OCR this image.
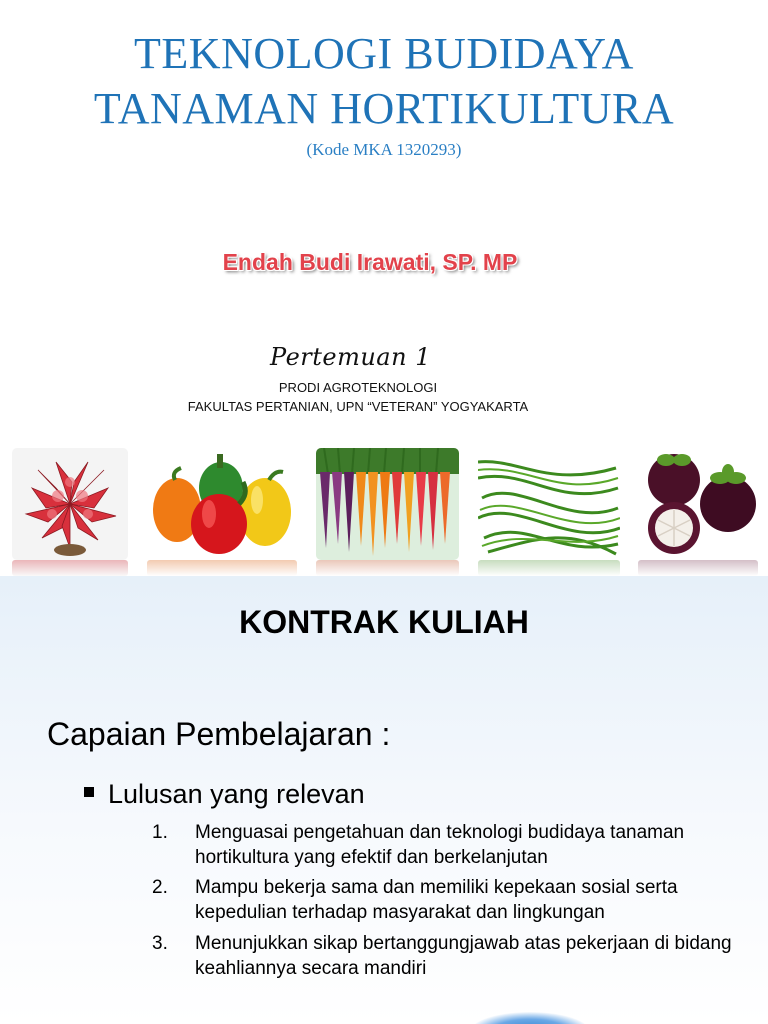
TEKNOLOGI BUDIDAYA
TANAMAN HORTIKULTURA
(Kode MKA 1320293)
Endah Budi Irawati, SP. MP
Pertemuan 1
PRODI AGROTEKNOLOGI
FAKULTAS PERTANIAN, UPN “VETERAN” YOGYAKARTA
KONTRAK KULIAH
Capaian Pembelajaran :
Lulusan yang relevan
1. Menguasai pengetahuan dan teknologi budidaya tanaman hortikultura yang efektif dan berkelanjutan
2. Mampu bekerja sama dan memiliki kepekaan sosial serta kepedulian terhadap masyarakat dan lingkungan
3. Menunjukkan sikap bertanggungjawab atas pekerjaan di bidang keahliannya secara mandiri
